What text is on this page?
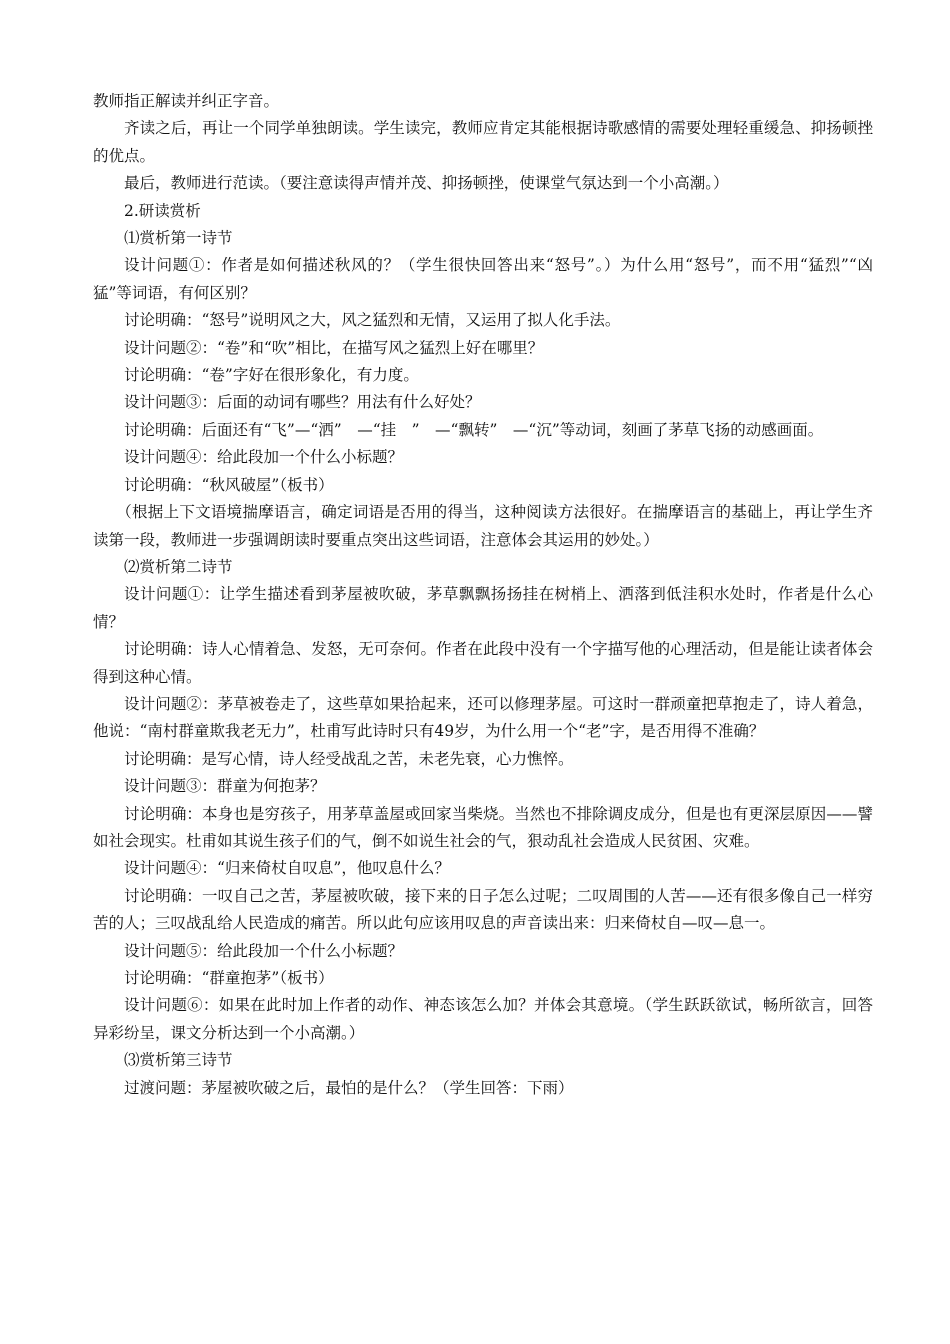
教师指正解读并纠正字音。

齐读之后，再让一个同学单独朗读。学生读完，教师应肯定其能根据诗歌感情的需要处理轻重缓急、抑扬顿挫的优点。

最后，教师进行范读。（要注意读得声情并茂、抑扬顿挫，使课堂气氛达到一个小高潮。）

2.研读赏析

⑴赏析第一诗节

设计问题①：作者是如何描述秋风的？（学生很快回答出来“怒号”。）为什么用“怒号”，而不用“猛烈”“凶猛”等词语，有何区别？

讨论明确：“怒号”说明风之大，风之猛烈和无情，又运用了拟人化手法。

设计问题②：“卷”和“吹”相比，在描写风之猛烈上好在哪里？

讨论明确：“卷”字好在很形象化，有力度。

设计问题③：后面的动词有哪些？用法有什么好处？

讨论明确：后面还有“飞”—“洒”　—“挂　”　—“飘转”　—“沉”等动词，刻画了茅草飞扬的动感画面。

设计问题④：给此段加一个什么小标题？

讨论明确：“秋风破屋”（板书）

（根据上下文语境揣摩语言，确定词语是否用的得当，这种阅读方法很好。在揣摩语言的基础上，再让学生齐读第一段，教师进一步强调朗读时要重点突出这些词语，注意体会其运用的妙处。）

⑵赏析第二诗节

设计问题①：让学生描述看到茅屋被吹破，茅草飘飘扬扬挂在树梢上、洒落到低洼积水处时，作者是什么心情？

讨论明确：诗人心情着急、发怒，无可奈何。作者在此段中没有一个字描写他的心理活动，但是能让读者体会得到这种心情。

设计问题②：茅草被卷走了，这些草如果拾起来，还可以修理茅屋。可这时一群顽童把草抱走了，诗人着急，他说：“南村群童欺我老无力”，杜甫写此诗时只有49岁，为什么用一个“老”字，是否用得不准确？

讨论明确：是写心情，诗人经受战乱之苦，未老先衰，心力憔悴。

设计问题③：群童为何抱茅？

讨论明确：本身也是穷孩子，用茅草盖屋或回家当柴烧。当然也不排除调皮成分，但是也有更深层原因——譬如社会现实。杜甫如其说生孩子们的气，倒不如说生社会的气，狠动乱社会造成人民贫困、灾难。

设计问题④：“归来倚杖自叹息”，他叹息什么？

讨论明确：一叹自己之苦，茅屋被吹破，接下来的日子怎么过呢；二叹周围的人苦——还有很多像自己一样穷苦的人；三叹战乱给人民造成的痛苦。所以此句应该用叹息的声音读出来：归来倚杖自—叹—息一。

设计问题⑤：给此段加一个什么小标题？

讨论明确：“群童抱茅”（板书）

设计问题⑥：如果在此时加上作者的动作、神态该怎么加？并体会其意境。（学生跃跃欲试，畅所欲言，回答异彩纷呈，课文分析达到一个小高潮。）

⑶赏析第三诗节

过渡问题：茅屋被吹破之后，最怕的是什么？（学生回答：下雨）
